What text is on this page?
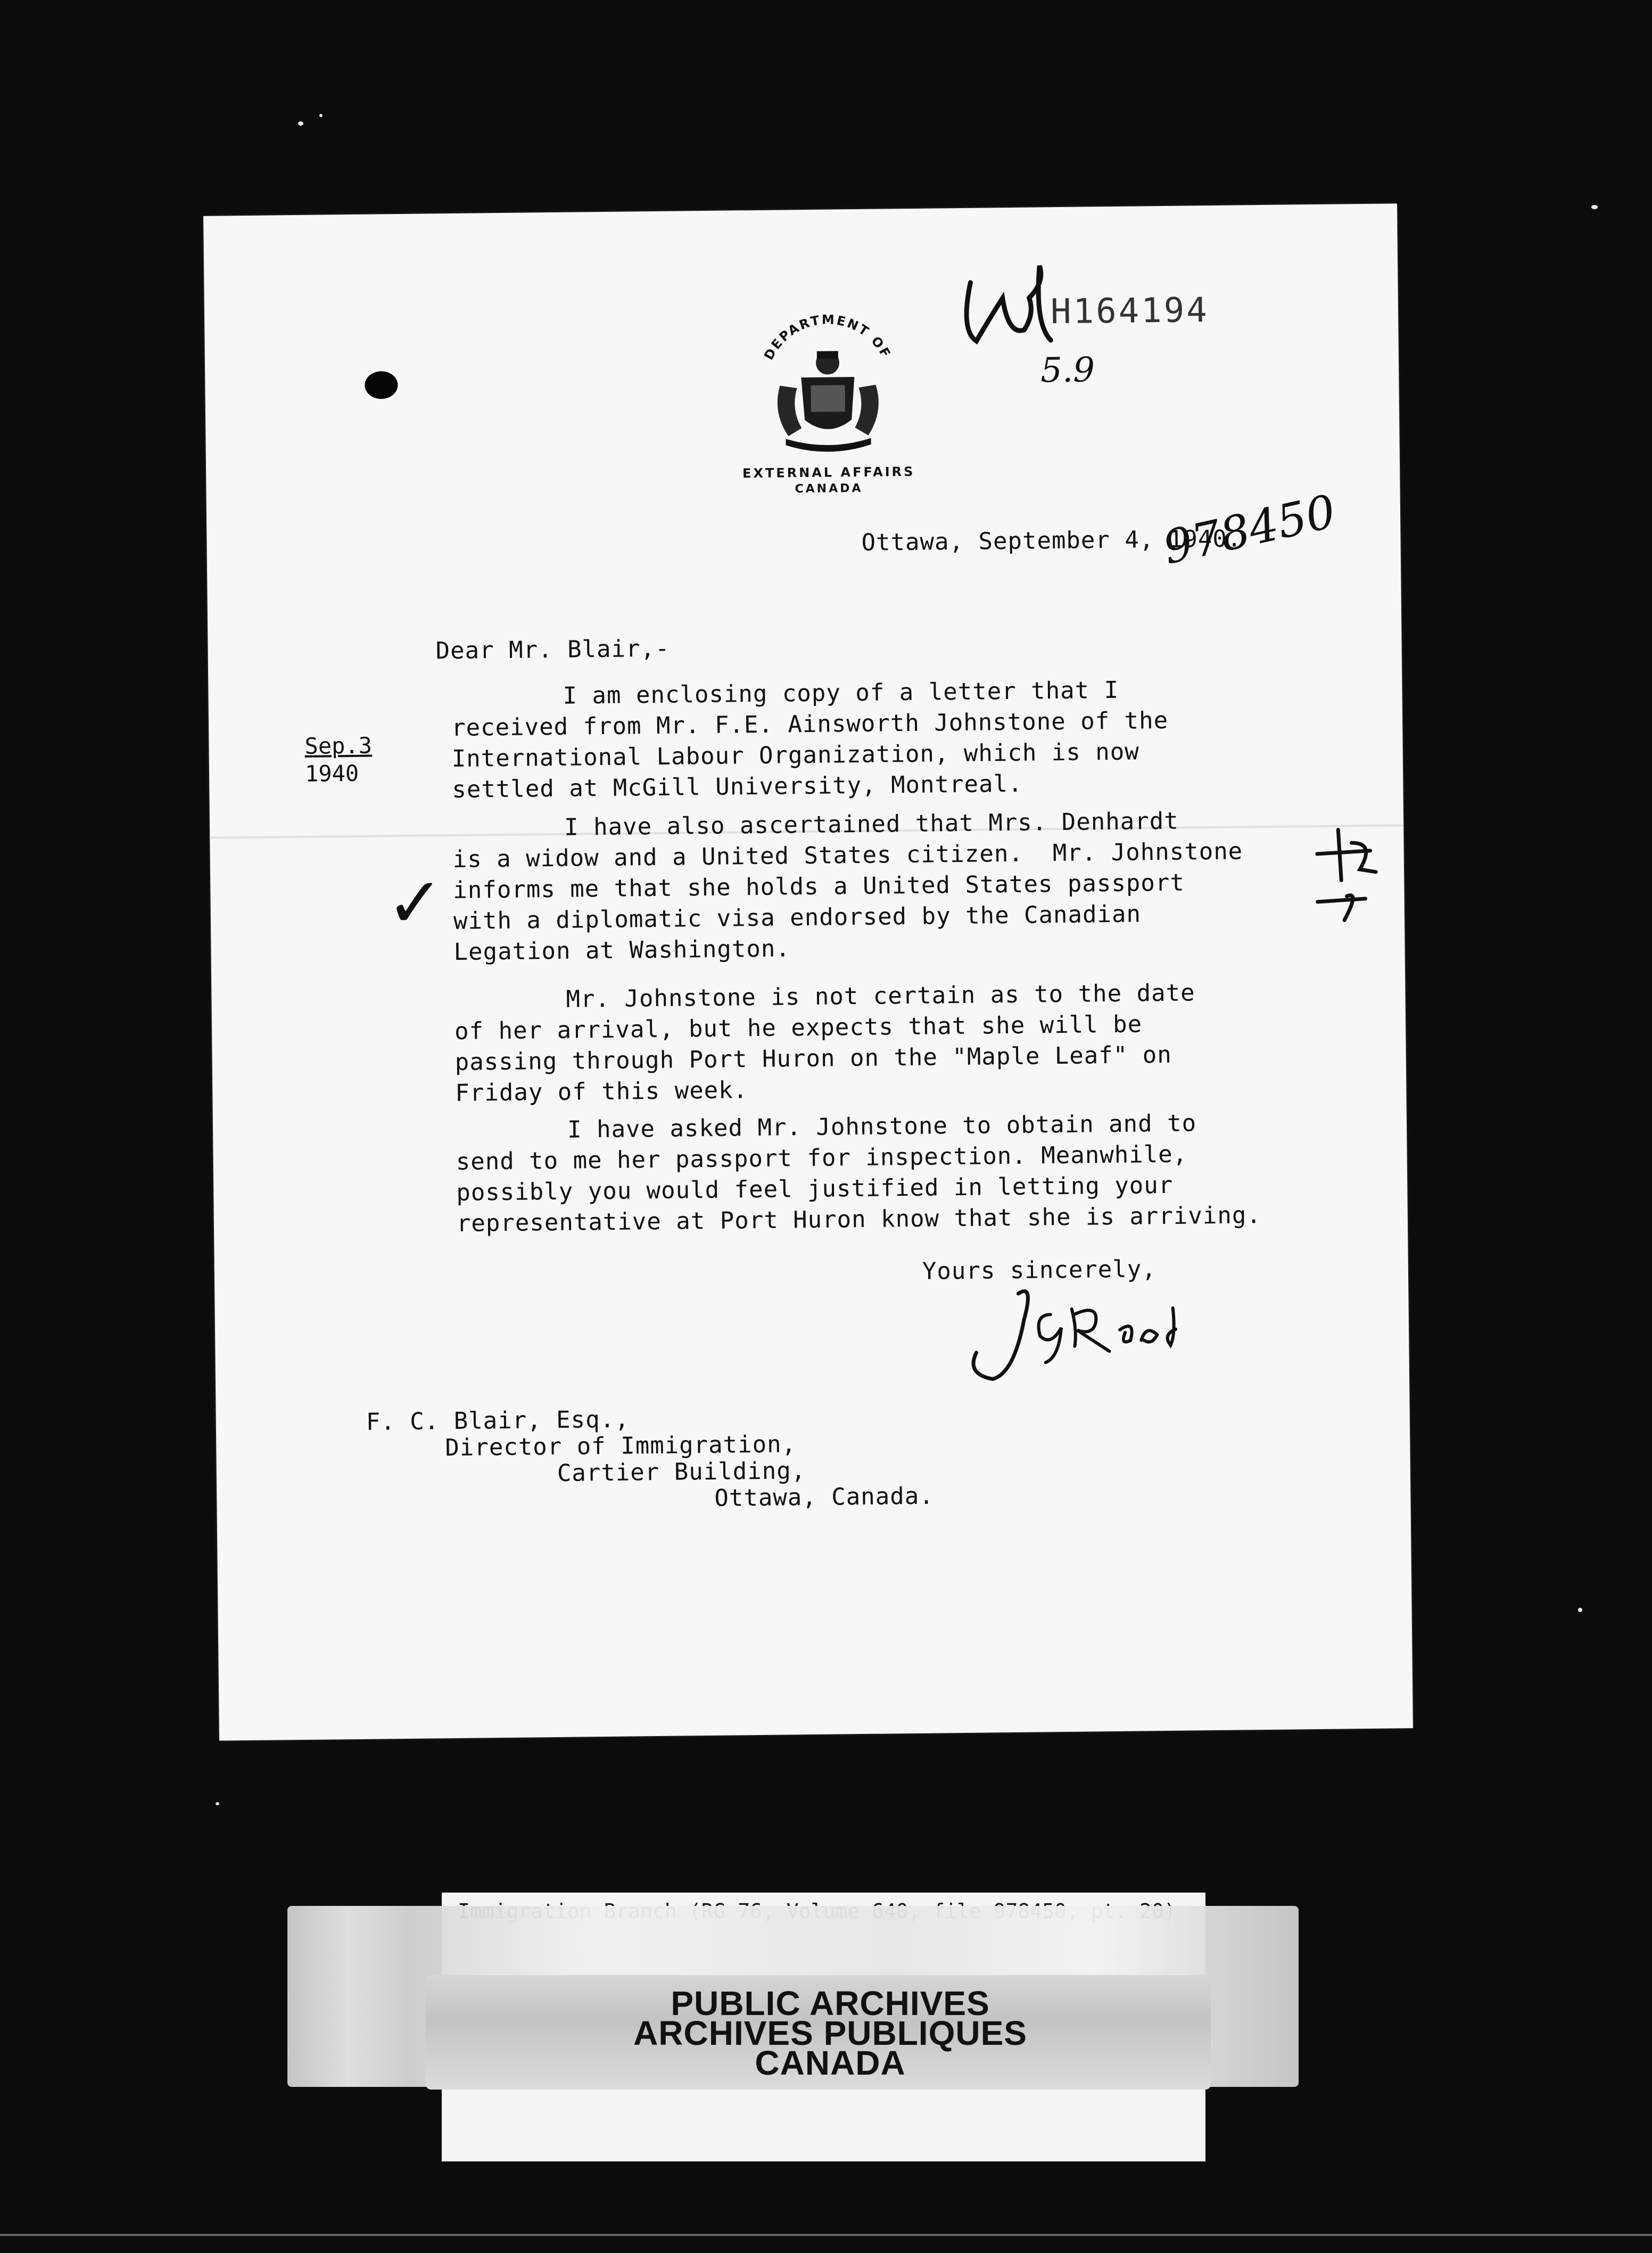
DEPARTMENT OF
EXTERNAL AFFAIRS
CANADA
H164194
5.9
Ottawa, September 4, 1940.
978450
Dear Mr. Blair,-
Sep.3
1940
I am enclosing copy of a letter that I
received from Mr. F.E. Ainsworth Johnstone of the
International Labour Organization, which is now
settled at McGill University, Montreal.
I have also ascertained that Mrs. Denhardt
is a widow and a United States citizen.  Mr. Johnstone
informs me that she holds a United States passport
with a diplomatic visa endorsed by the Canadian
Legation at Washington.
✓
Mr. Johnstone is not certain as to the date
of her arrival, but he expects that she will be
passing through Port Huron on the "Maple Leaf" on
Friday of this week.
I have asked Mr. Johnstone to obtain and to
send to me her passport for inspection. Meanwhile,
possibly you would feel justified in letting your
representative at Port Huron know that she is arriving.
Yours sincerely,
F. C. Blair, Esq.,
Director of Immigration,
Cartier Building,
Ottawa, Canada.
PUBLIC ARCHIVES
ARCHIVES PUBLIQUES
CANADA
